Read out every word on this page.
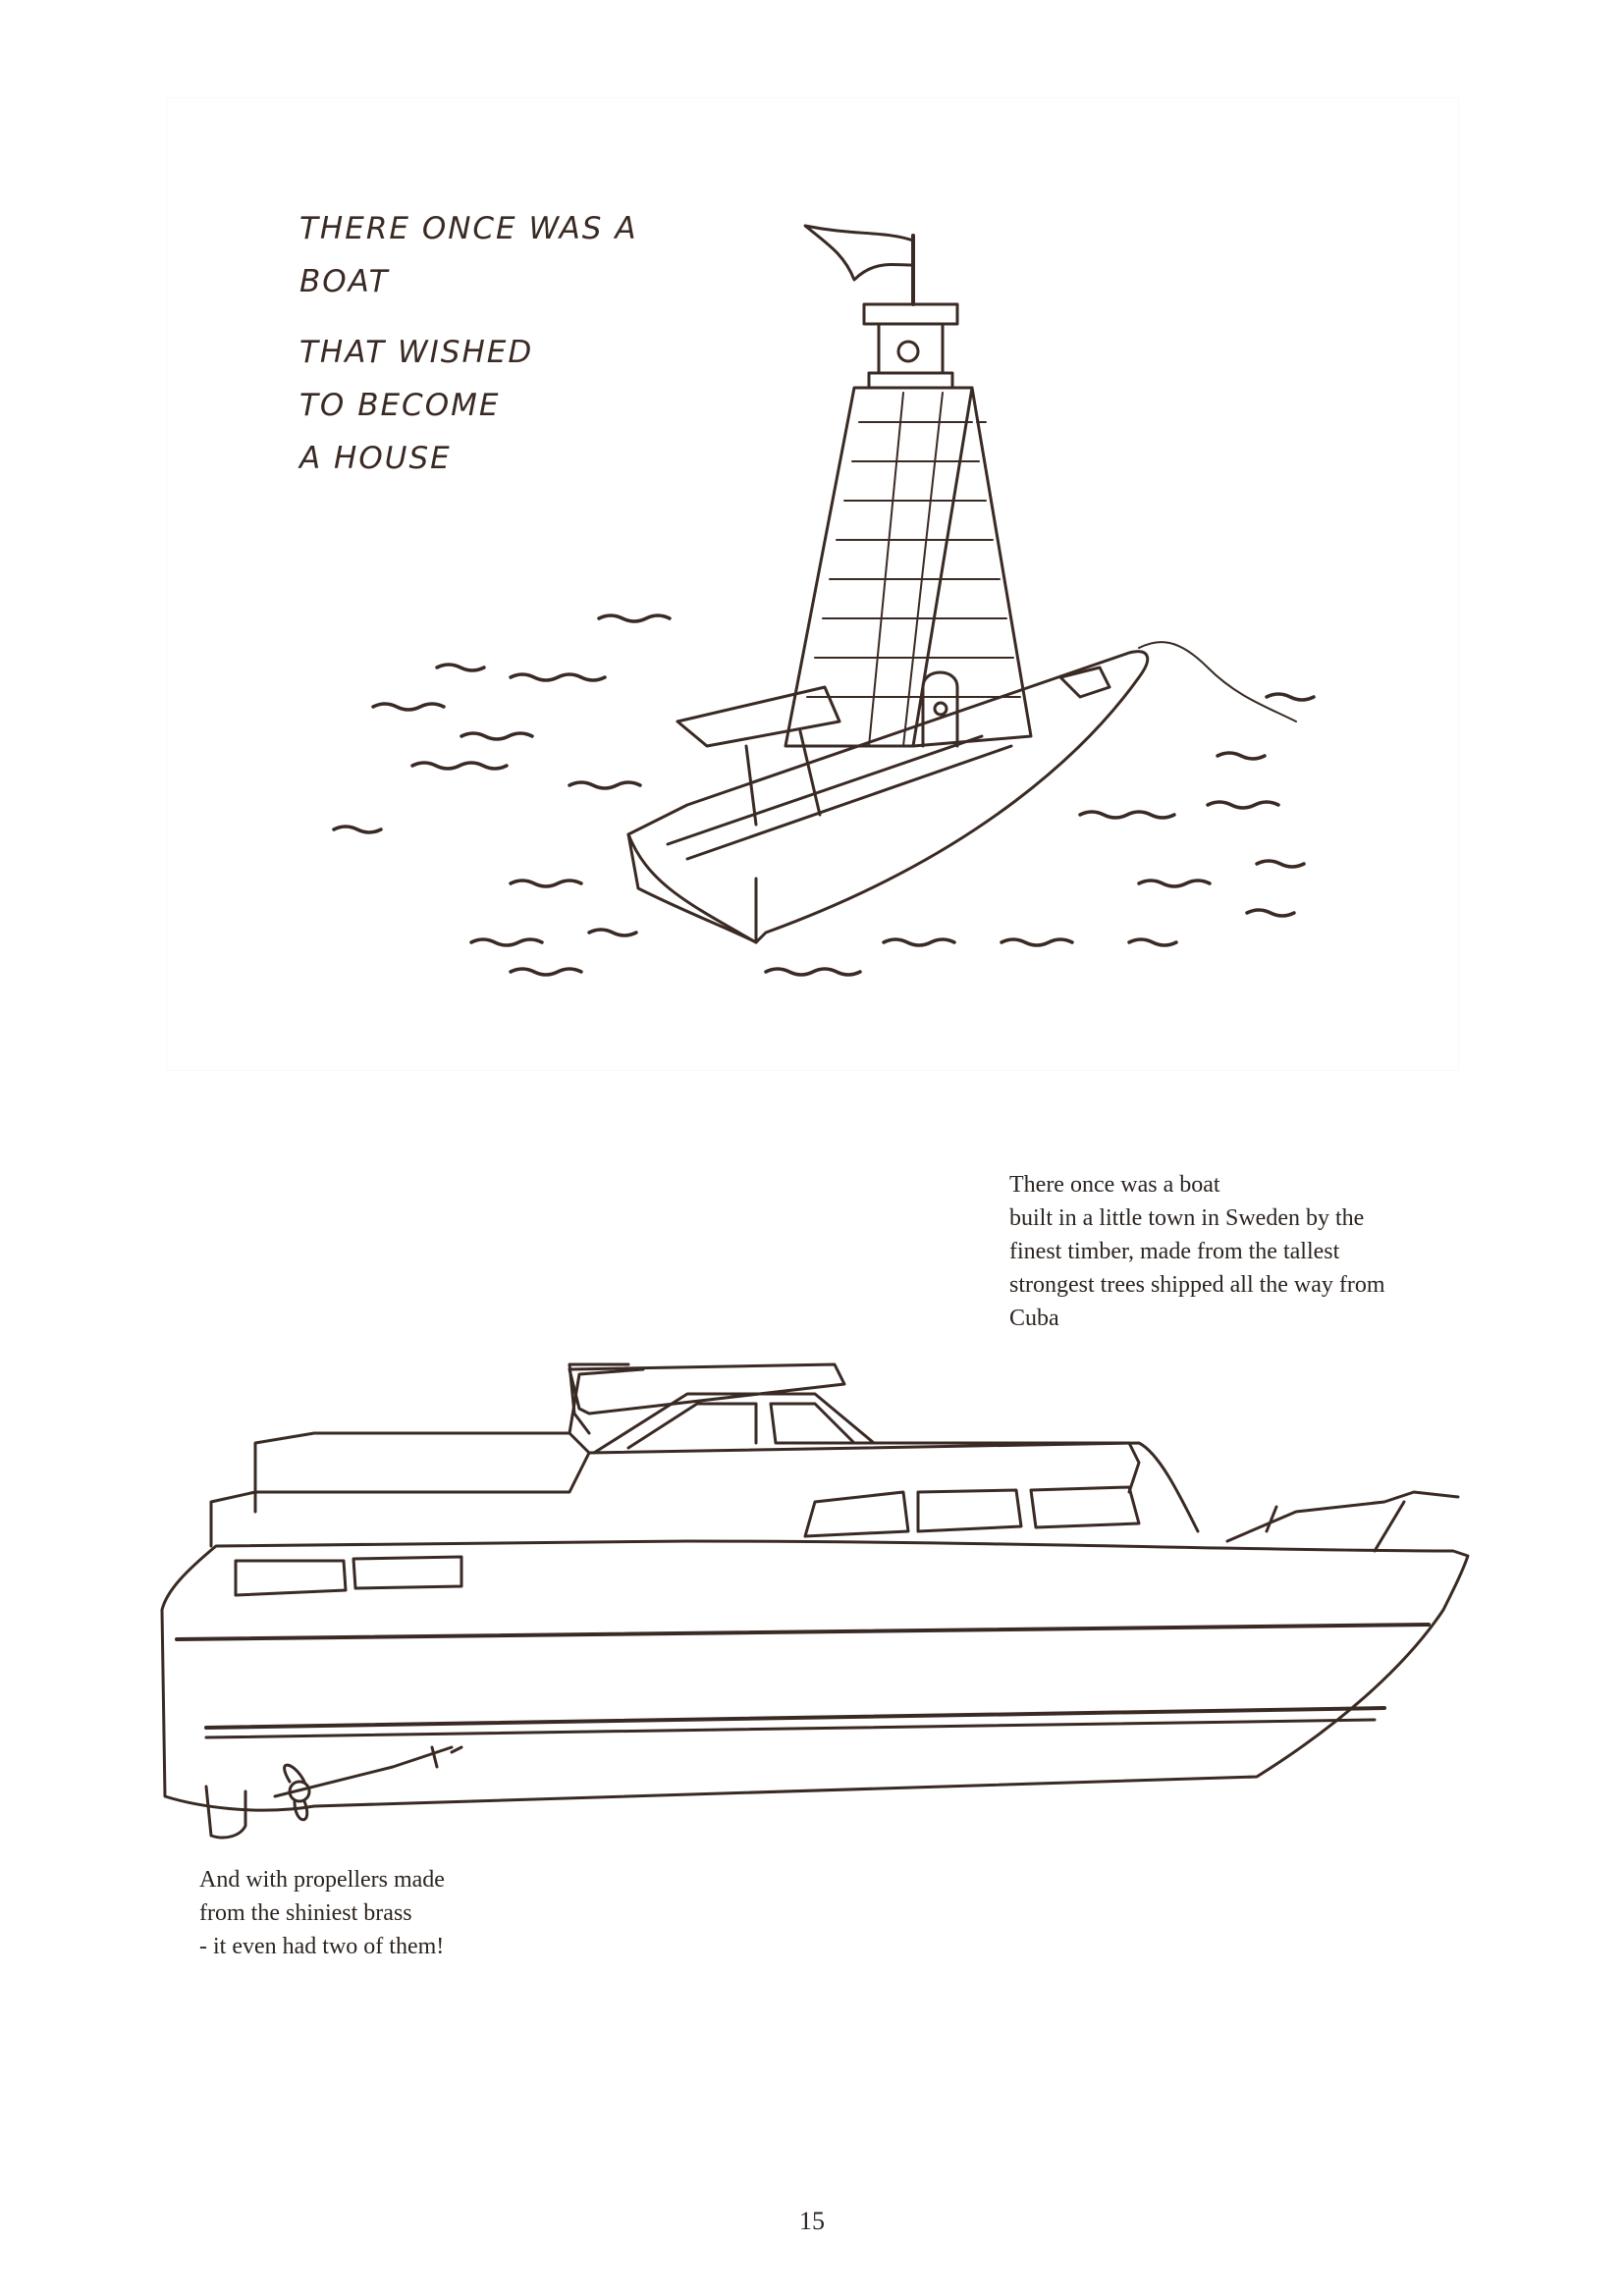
THERE ONCE WAS A
BOAT
THAT WISHED
TO BECOME
A HOUSE
There once was a boat
built in a little town in Sweden by the
finest timber, made from the tallest
strongest trees shipped all the way from
Cuba
And with propellers made
from the shiniest brass
- it even had two of them!
15
